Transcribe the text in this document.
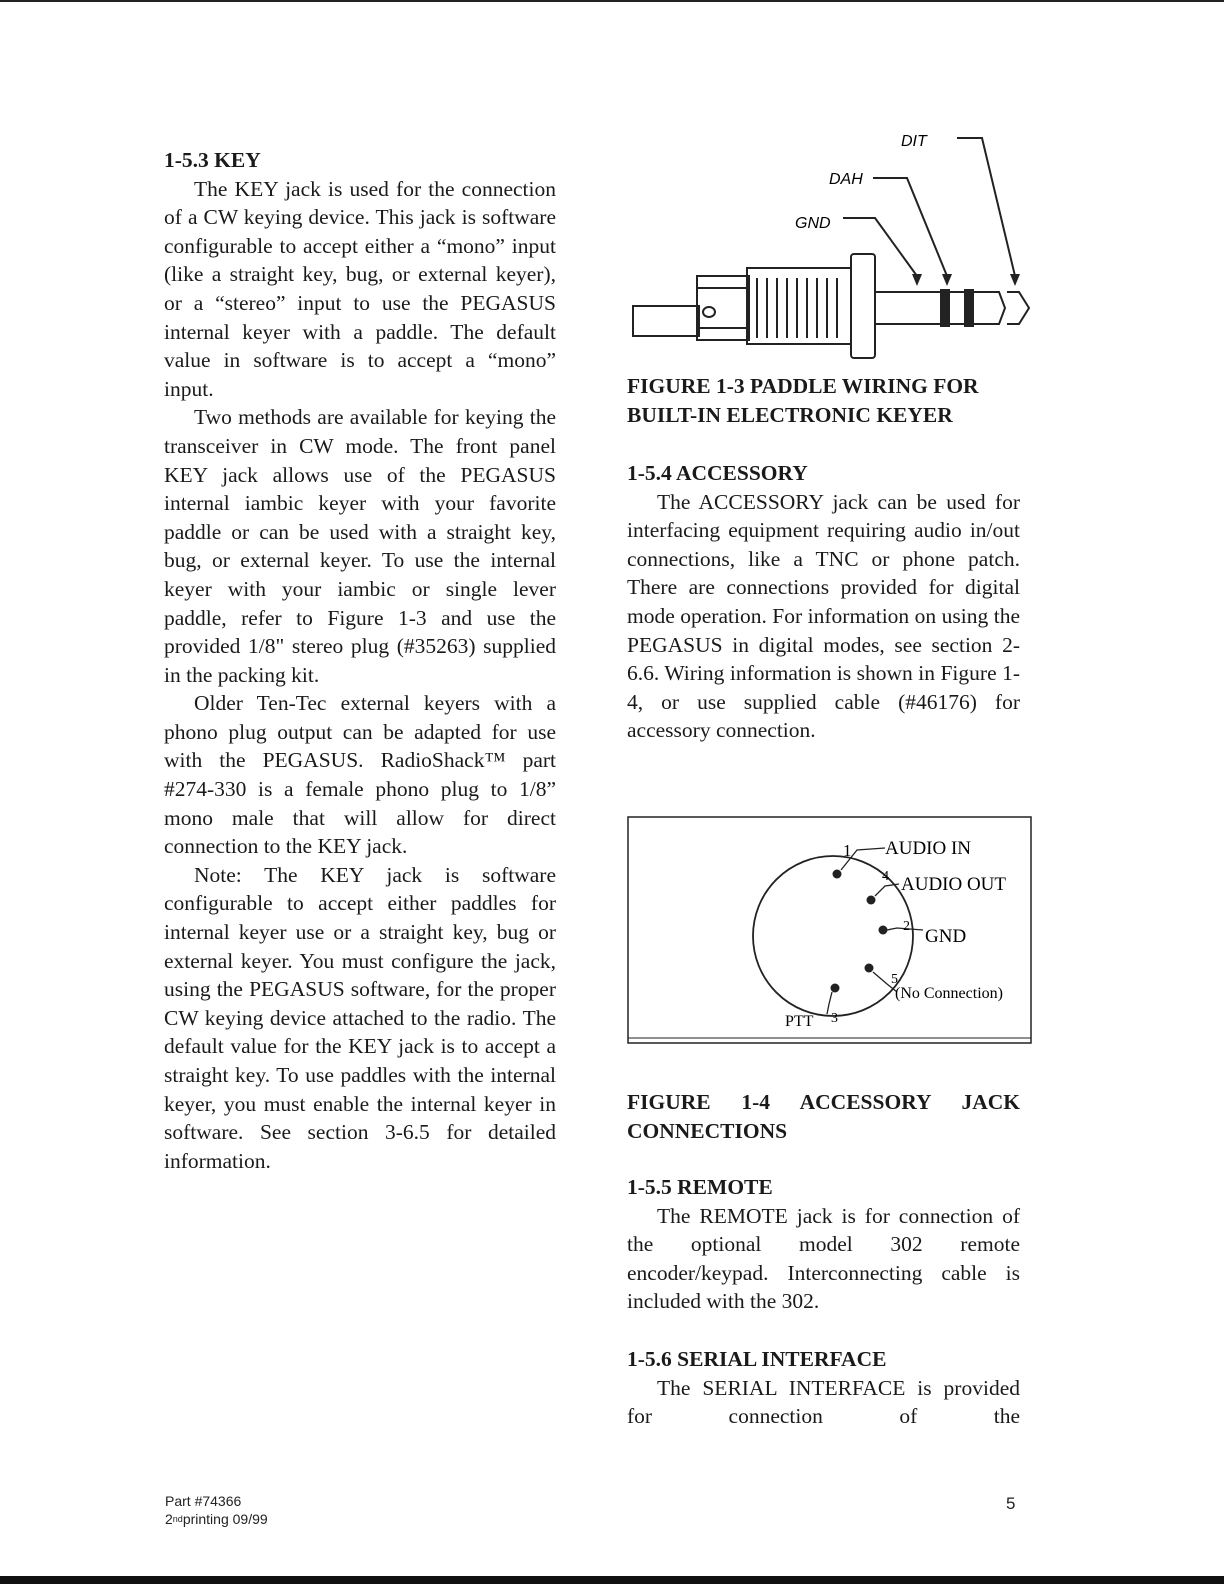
1-5.3 KEY

The KEY jack is used for the connection of a CW keying device. This jack is software configurable to accept either a “mono” input (like a straight key, bug, or external keyer), or a “stereo” input to use the PEGASUS internal keyer with a paddle. The default value in software is to accept a “mono” input.

Two methods are available for keying the transceiver in CW mode. The front panel KEY jack allows use of the PEGASUS internal iambic keyer with your favorite paddle or can be used with a straight key, bug, or external keyer. To use the internal keyer with your iambic or single lever paddle, refer to Figure 1-3 and use the provided 1/8" stereo plug (#35263) supplied in the packing kit.

Older Ten-Tec external keyers with a phono plug output can be adapted for use with the PEGASUS. RadioShack™ part #274-330 is a female phono plug to 1/8” mono male that will allow for direct connection to the KEY jack.

Note: The KEY jack is software configurable to accept either paddles for internal keyer use or a straight key, bug or external keyer. You must configure the jack, using the PEGASUS software, for the proper CW keying device attached to the radio. The default value for the KEY jack is to accept a straight key. To use paddles with the internal keyer, you must enable the internal keyer in software. See section 3-6.5 for detailed information.

DIT
DAH
GND

FIGURE 1-3 PADDLE WIRING FOR

BUILT-IN ELECTRONIC KEYER

1-5.4 ACCESSORY

The ACCESSORY jack can be used for interfacing equipment requiring audio in/out connections, like a TNC or phone patch. There are connections provided for digital mode operation. For information on using the PEGASUS in digital modes, see section 2-6.6. Wiring information is shown in Figure 1-4, or use supplied cable (#46176) for accessory connection.

FIGURE 1-4 ACCESSORY JACK

CONNECTIONS

1-5.5 REMOTE

The REMOTE jack is for connection of the optional model 302 remote encoder/keypad. Interconnecting cable is included with the 302.

1-5.6 SERIAL INTERFACE

The SERIAL INTERFACE is provided for connection of the

1 AUDIO IN
4 AUDIO OUT
2 GND
5
(No Connection)
PTT 3
Part #74366
2ndprinting 09/99
5
